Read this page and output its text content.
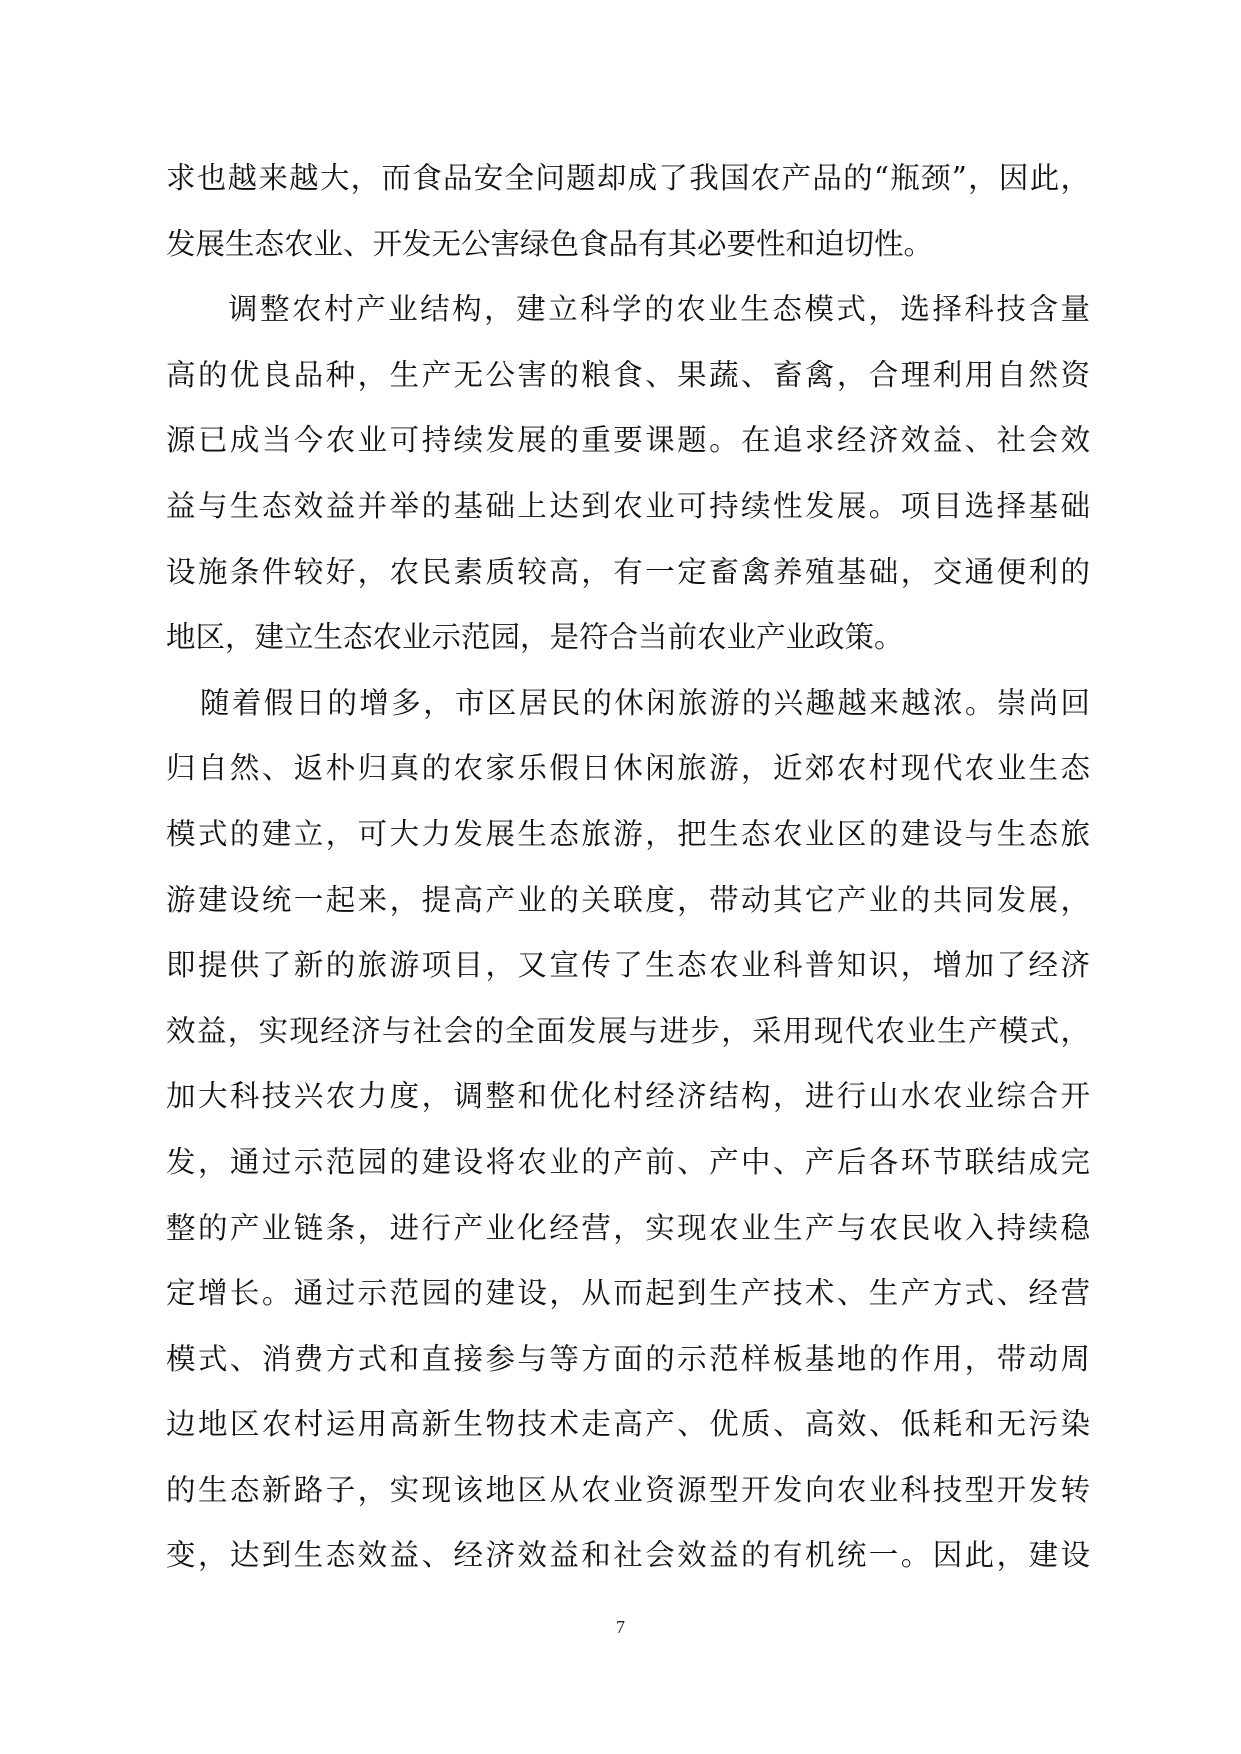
求也越来越大，而食品安全问题却成了我国农产品的“瓶颈”，因此，
发展生态农业、开发无公害绿色食品有其必要性和迫切性。
调整农村产业结构，建立科学的农业生态模式，选择科技含量
高的优良品种，生产无公害的粮食、果蔬、畜禽，合理利用自然资
源已成当今农业可持续发展的重要课题。在追求经济效益、社会效
益与生态效益并举的基础上达到农业可持续性发展。项目选择基础
设施条件较好，农民素质较高，有一定畜禽养殖基础，交通便利的
地区，建立生态农业示范园，是符合当前农业产业政策。
随着假日的增多，市区居民的休闲旅游的兴趣越来越浓。崇尚回
归自然、返朴归真的农家乐假日休闲旅游，近郊农村现代农业生态
模式的建立，可大力发展生态旅游，把生态农业区的建设与生态旅
游建设统一起来，提高产业的关联度，带动其它产业的共同发展，
即提供了新的旅游项目，又宣传了生态农业科普知识，增加了经济
效益，实现经济与社会的全面发展与进步，采用现代农业生产模式，
加大科技兴农力度，调整和优化村经济结构，进行山水农业综合开
发，通过示范园的建设将农业的产前、产中、产后各环节联结成完
整的产业链条，进行产业化经营，实现农业生产与农民收入持续稳
定增长。通过示范园的建设，从而起到生产技术、生产方式、经营
模式、消费方式和直接参与等方面的示范样板基地的作用，带动周
边地区农村运用高新生物技术走高产、优质、高效、低耗和无污染
的生态新路子，实现该地区从农业资源型开发向农业科技型开发转
变，达到生态效益、经济效益和社会效益的有机统一。因此，建设
7
